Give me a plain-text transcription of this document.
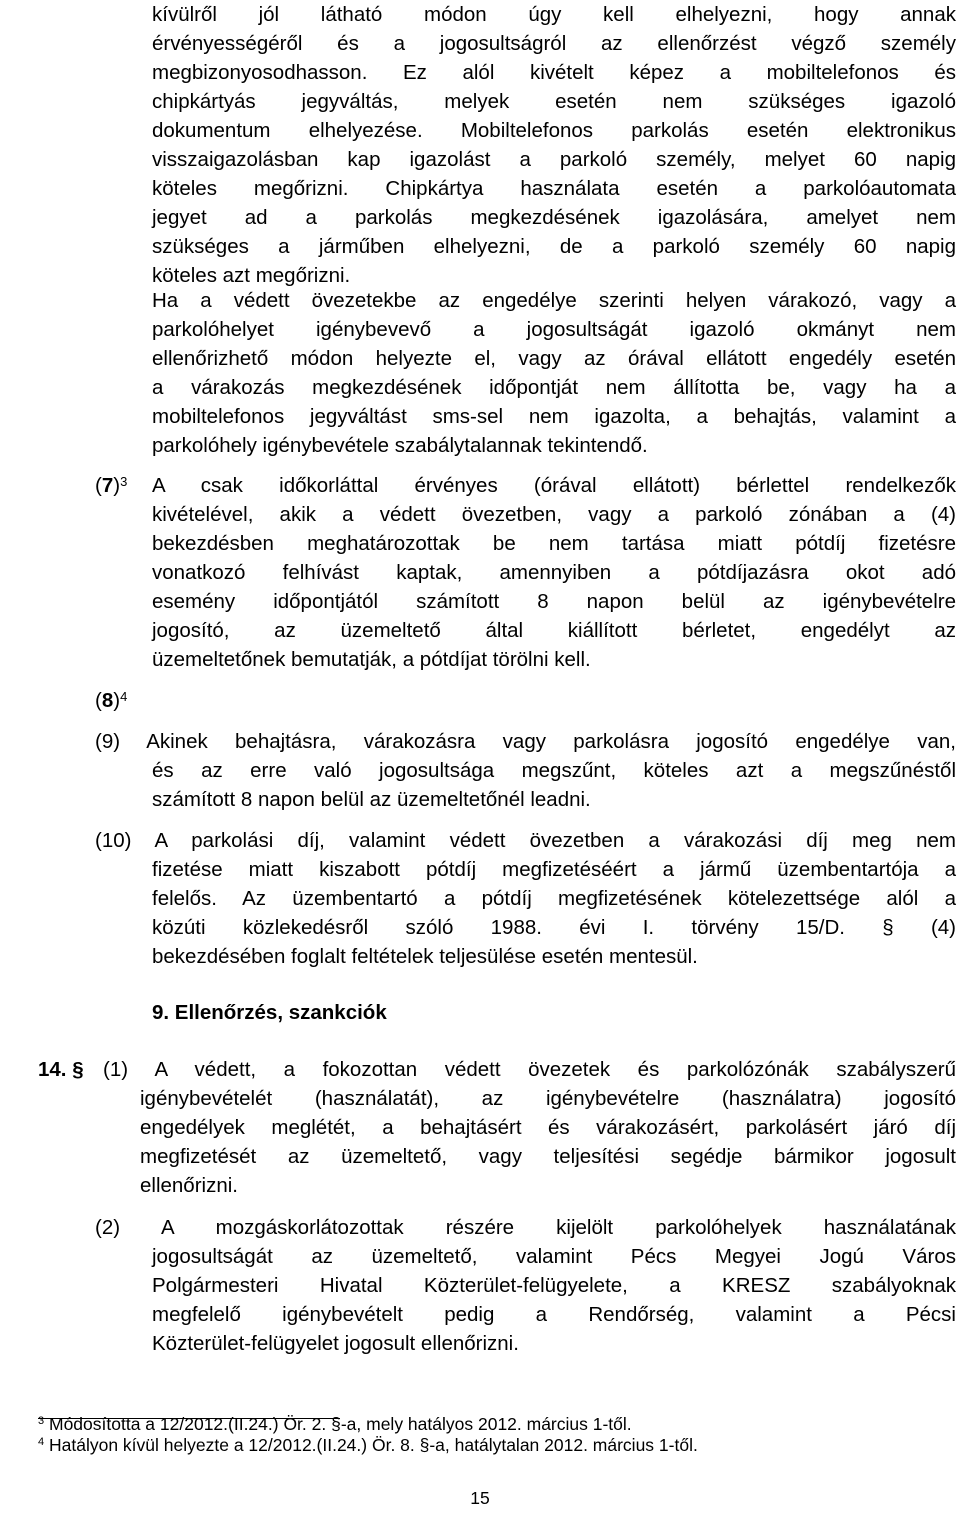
kívülről jól látható módon úgy kell elhelyezni, hogy annak
érvényességéről és a jogosultságról az ellenőrzést végző személy
megbizonyosodhasson. Ez alól kivételt képez a mobiltelefonos és
chipkártyás jegyváltás, melyek esetén nem szükséges igazoló
dokumentum elhelyezése. Mobiltelefonos parkolás esetén elektronikus
visszaigazolásban kap igazolást a parkoló személy, melyet 60 napig
köteles megőrizni. Chipkártya használata esetén a parkolóautomata
jegyet ad a parkolás megkezdésének igazolására, amelyet nem
szükséges a járműben elhelyezni, de a parkoló személy 60 napig
köteles azt megőrizni.
Ha a védett övezetekbe az engedélye szerinti helyen várakozó, vagy a
parkolóhelyet igénybevevő a jogosultságát igazoló okmányt nem
ellenőrizhető módon helyezte el, vagy az órával ellátott engedély esetén
a várakozás megkezdésének időpontját nem állította be, vagy ha a
mobiltelefonos jegyváltást sms-sel nem igazolta, a behajtás, valamint a
parkolóhely igénybevétele szabálytalannak tekintendő.
$(7)^3$ A csak időkorláttal érvényes (órával ellátott) bérlettel rendelkezők
kivételével, akik a védett övezetben, vagy a parkoló zónában a (4)
bekezdésben meghatározottak be nem tartása miatt pótdíj fizetésre
vonatkozó felhívást kaptak, amennyiben a pótdíjazásra okot adó
esemény időpontjától számított 8 napon belül az igénybevételre
jogosító, az üzemeltető által kiállított bérletet, engedélyt az
üzemeltetőnek bemutatják, a pótdíjat törölni kell.
$(8)^4$
(9) Akinek behajtásra, várakozásra vagy parkolásra jogosító engedélye van,
és az erre való jogosultsága megszűnt, köteles azt a megszűnéstől
számított 8 napon belül az üzemeltetőnél leadni.
(10) A parkolási díj, valamint védett övezetben a várakozási díj meg nem
fizetése miatt kiszabott pótdíj megfizetéséért a jármű üzembentartója a
felelős. Az üzembentartó a pótdíj megfizetésének kötelezettsége alól a
közúti közlekedésről szóló 1988. évi I. törvény 15/D. § (4)
bekezdésében foglalt feltételek teljesülése esetén mentesül.
9. Ellenőrzés, szankciók
14. § (1) A védett, a fokozottan védett övezetek és parkolózónák szabályszerű
igénybevételét (használatát), az igénybevételre (használatra) jogosító
engedélyek meglétét, a behajtásért és várakozásért, parkolásért járó díj
megfizetését az üzemeltető, vagy teljesítési segédje bármikor jogosult
ellenőrizni.
(2) A mozgáskorlátozottak részére kijelölt parkolóhelyek használatának
jogosultságát az üzemeltető, valamint Pécs Megyei Jogú Város
Polgármesteri Hivatal Közterület-felügyelete, a KRESZ szabályoknak
megfelelő igénybevételt pedig a Rendőrség, valamint a Pécsi
Közterület-felügyelet jogosult ellenőrizni.
$^3$ Módosította a 12/2012.(II.24.) Ör. 2. §-a, mely hatályos 2012. március 1-től.
$^4$ Hatályon kívül helyezte a 12/2012.(II.24.) Ör. 8. §-a, hatálytalan 2012. március 1-től.
15
